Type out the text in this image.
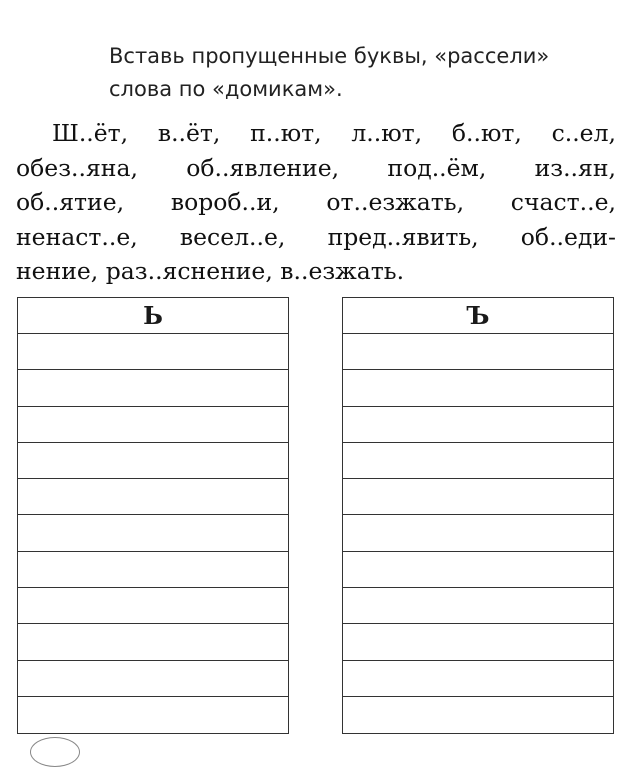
Вставь пропущенные буквы, «рассели»
слова по «домикам».
Ш..ёт, в..ёт, п..ют, л..ют, б..ют, с..ел,
обез..яна, об..явление, под..ём, из..ян,
об..ятие, вороб..и, от..езжать, счаст..е,
ненаст..е, весел..е, пред..явить, об..еди-
нение, раз..яснение, в..езжать.
Ь	Ъ
